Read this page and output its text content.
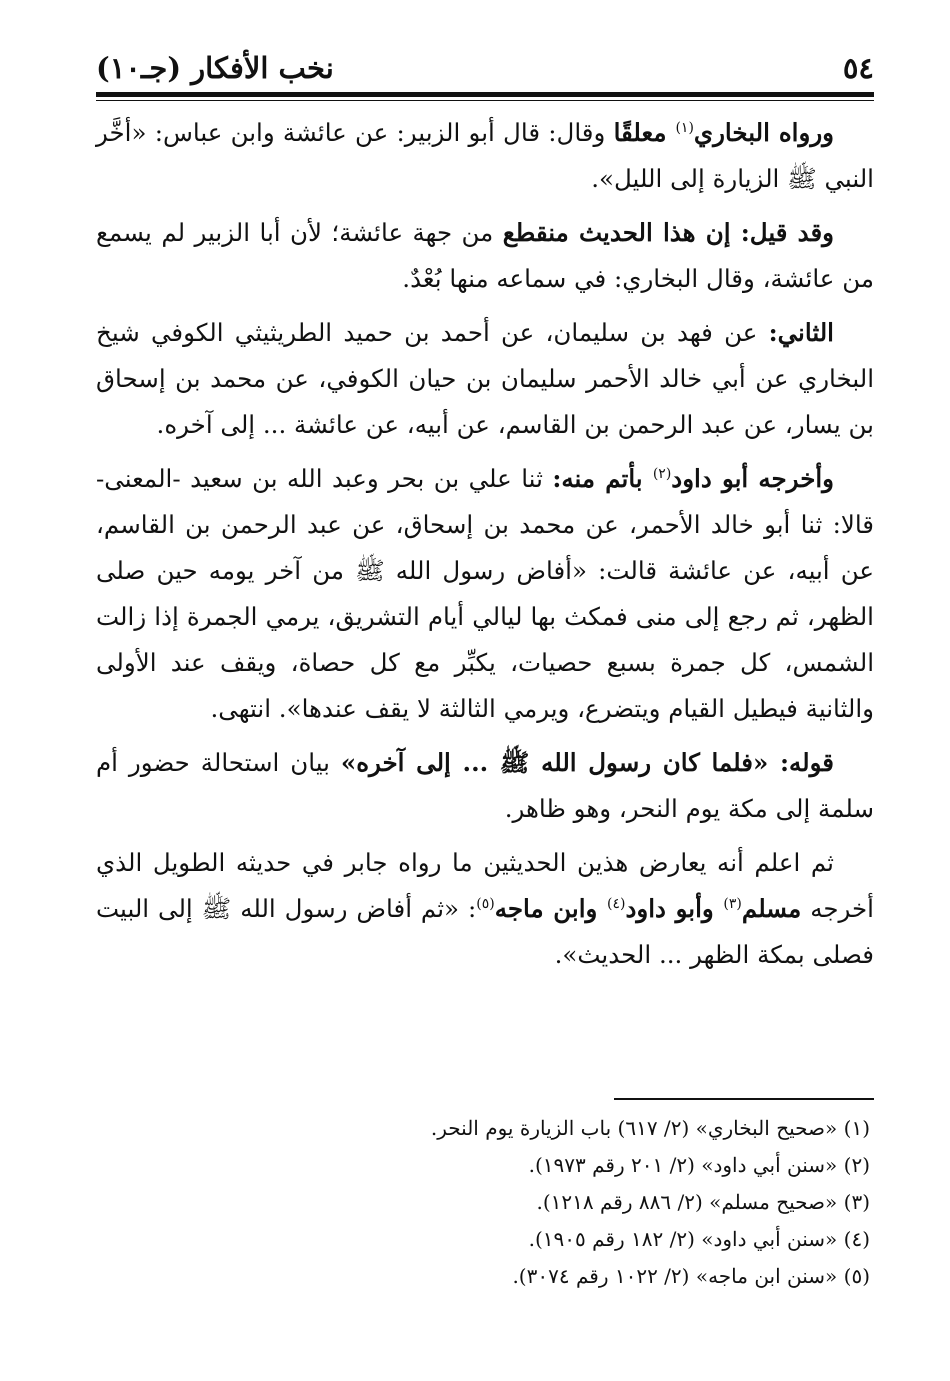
٥٤
نخب الأفكار (جـ١٠)

ورواه البخاري$^{(١)}$ معلقًا وقال: قال أبو الزبير: عن عائشة وابن عباس: «أخَّر النبي ﷺ الزيارة إلى الليل».

وقد قيل: إن هذا الحديث منقطع من جهة عائشة؛ لأن أبا الزبير لم يسمع من عائشة، وقال البخاري: في سماعه منها بُعْدٌ.

الثاني: عن فهد بن سليمان، عن أحمد بن حميد الطريثيثي الكوفي شيخ البخاري عن أبي خالد الأحمر سليمان بن حيان الكوفي، عن محمد بن إسحاق بن يسار، عن عبد الرحمن بن القاسم، عن أبيه، عن عائشة ... إلى آخره.

وأخرجه أبو داود$^{(٢)}$ بأتم منه: ثنا علي بن بحر وعبد الله بن سعيد -المعنى- قالا: ثنا أبو خالد الأحمر، عن محمد بن إسحاق، عن عبد الرحمن بن القاسم، عن أبيه، عن عائشة قالت: «أفاض رسول الله ﷺ من آخر يومه حين صلى الظهر، ثم رجع إلى منى فمكث بها ليالي أيام التشريق، يرمي الجمرة إذا زالت الشمس، كل جمرة بسبع حصيات، يكبِّر مع كل حصاة، ويقف عند الأولى والثانية فيطيل القيام ويتضرع، ويرمي الثالثة لا يقف عندها». انتهى.

قوله: «فلما كان رسول الله ﷺ ... إلى آخره» بيان استحالة حضور أم سلمة إلى مكة يوم النحر، وهو ظاهر.

ثم اعلم أنه يعارض هذين الحديثين ما رواه جابر في حديثه الطويل الذي أخرجه مسلم$^{(٣)}$ وأبو داود$^{(٤)}$ وابن ماجه$^{(٥)}$: «ثم أفاض رسول الله ﷺ إلى البيت فصلى بمكة الظهر ... الحديث».

(١) «صحيح البخاري» (٢/ ٦١٧) باب الزيارة يوم النحر.

(٢) «سنن أبي داود» (٢/ ٢٠١ رقم ١٩٧٣).

(٣) «صحيح مسلم» (٢/ ٨٨٦ رقم ١٢١٨).

(٤) «سنن أبي داود» (٢/ ١٨٢ رقم ١٩٠٥).

(٥) «سنن ابن ماجه» (٢/ ١٠٢٢ رقم ٣٠٧٤).
